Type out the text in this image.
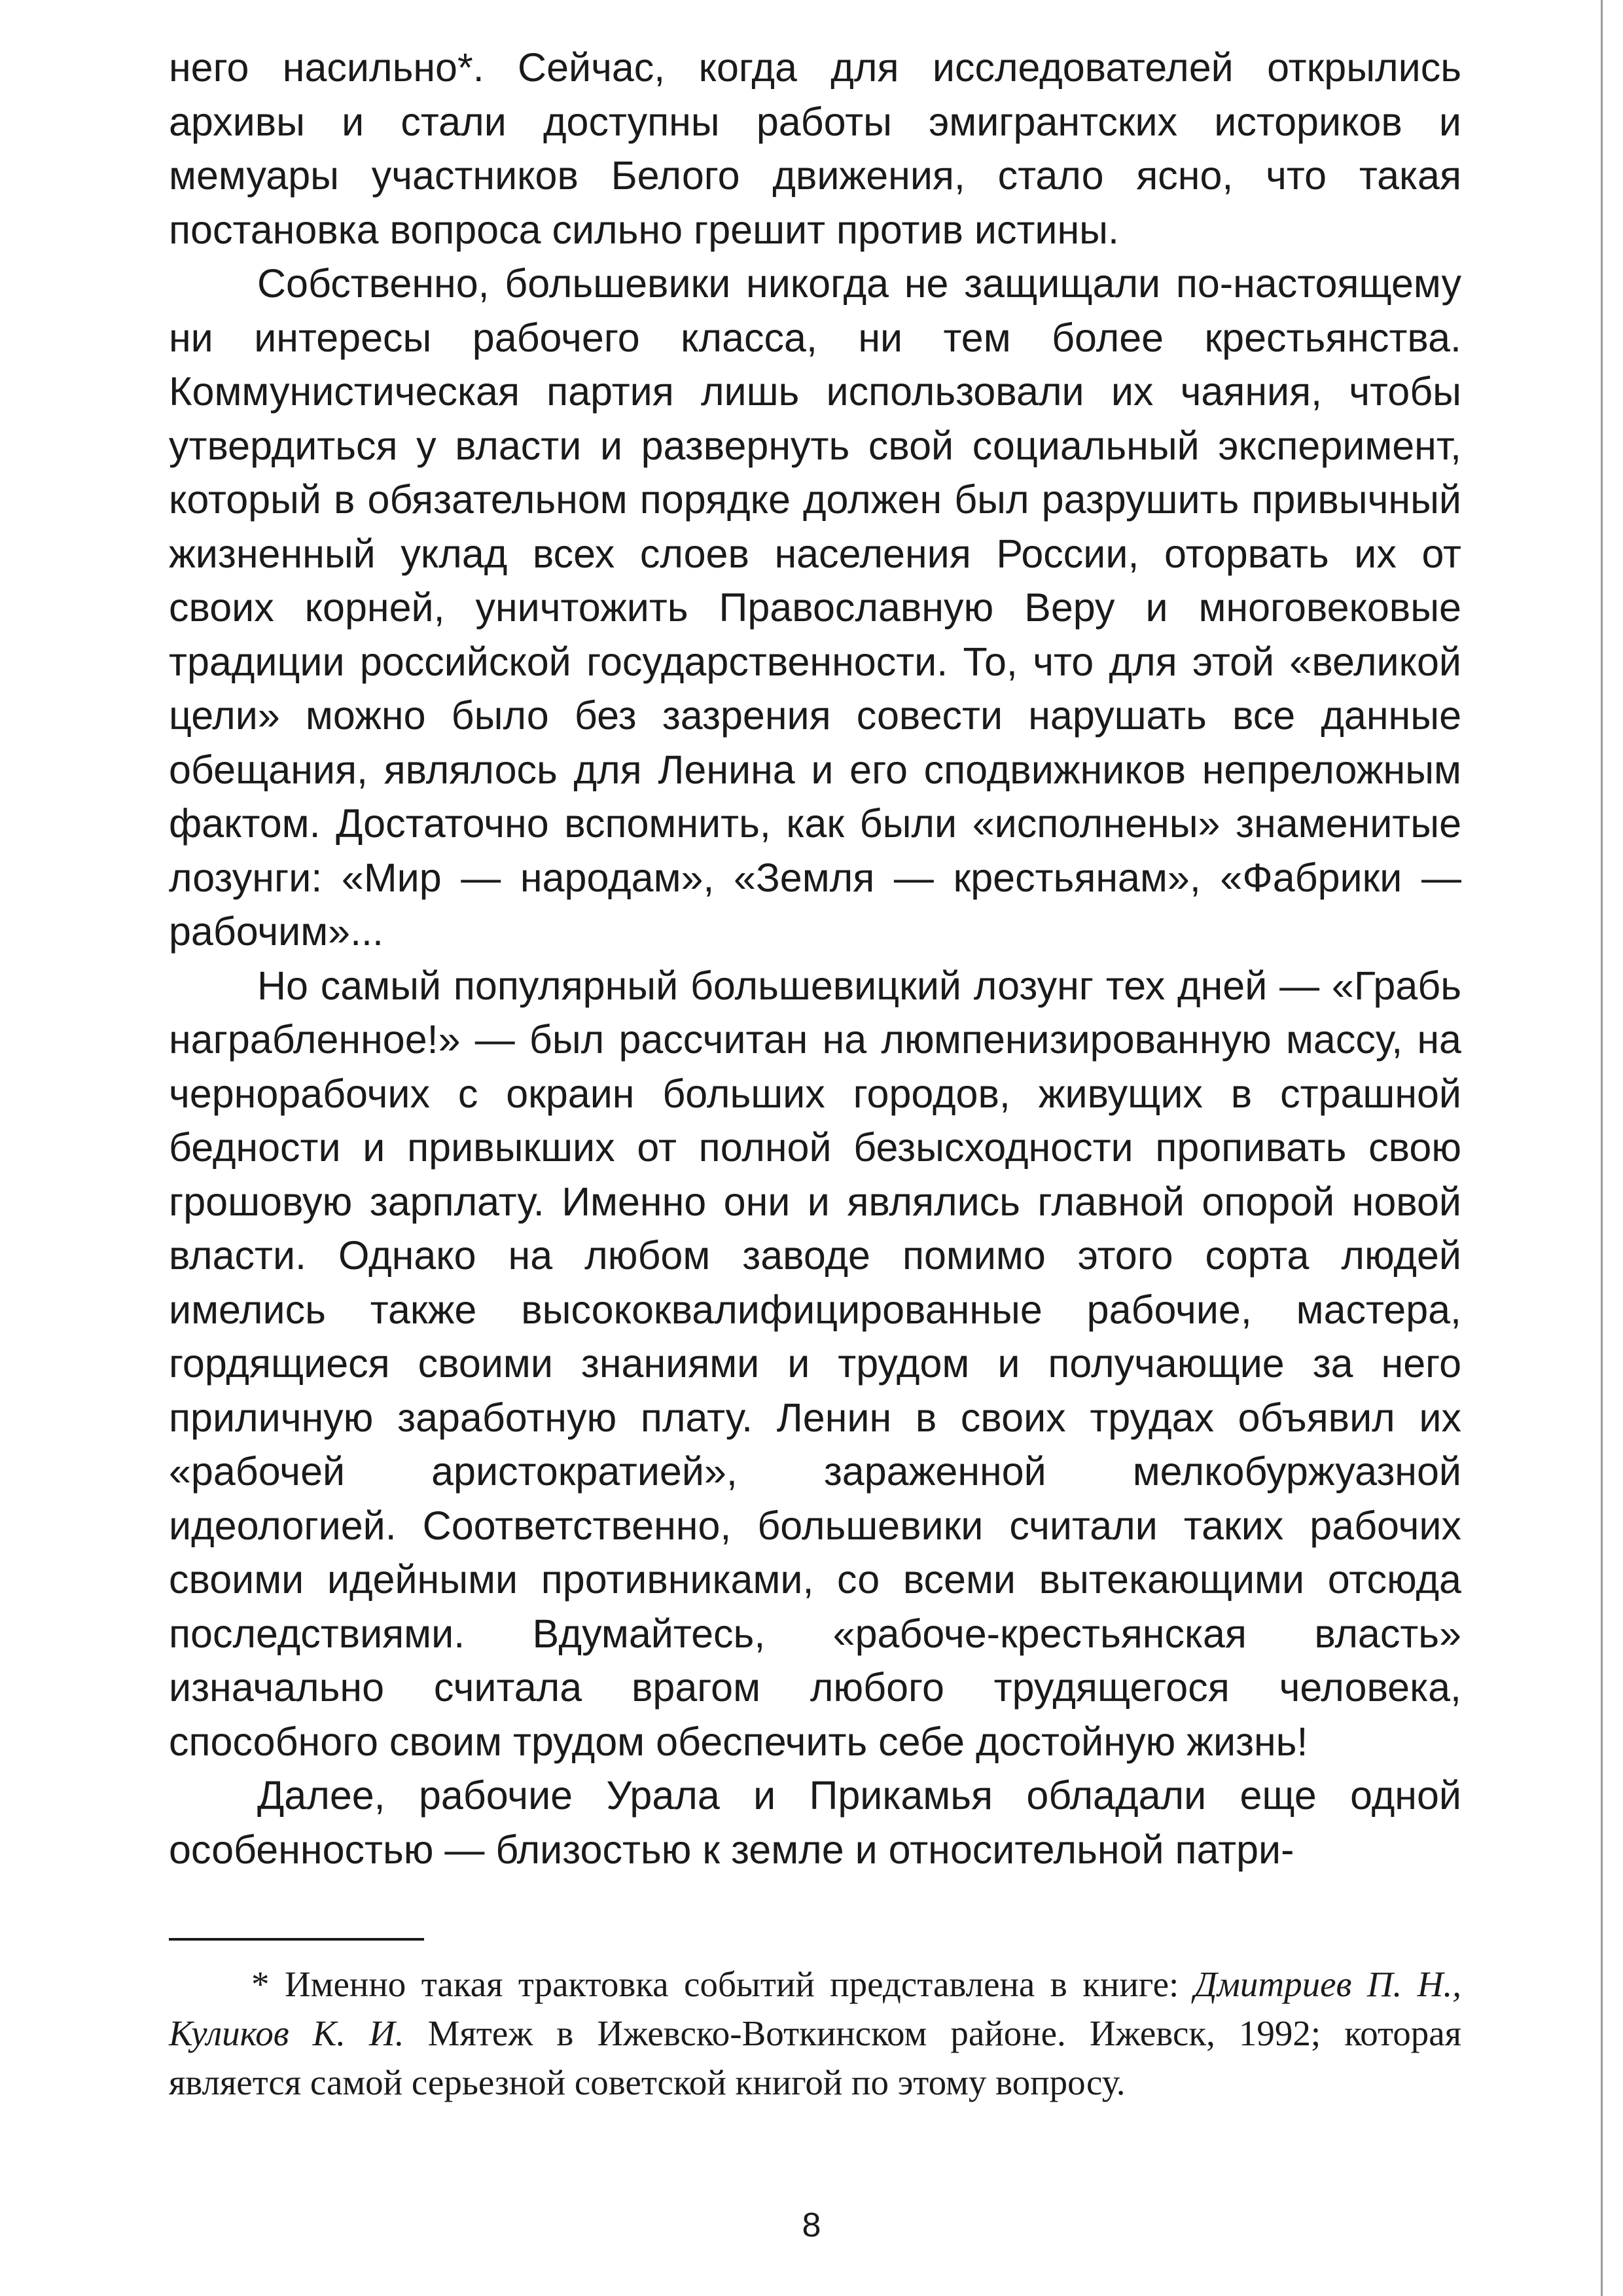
него насильно*. Сейчас, когда для исследователей открылись архивы и стали доступны работы эмигрантских историков и мемуары участников Белого движения, стало ясно, что такая постановка вопроса сильно грешит против истины.

Собственно, большевики никогда не защищали по-настоящему ни интересы рабочего класса, ни тем более крестьянства. Коммунистическая партия лишь использовали их чаяния, чтобы утвердиться у власти и развернуть свой социальный эксперимент, который в обязательном порядке должен был разрушить привычный жизненный уклад всех слоев населения России, оторвать их от своих корней, уничтожить Православную Веру и многовековые традиции российской государственности. То, что для этой «великой цели» можно было без зазрения совести нарушать все данные обещания, являлось для Ленина и его сподвижников непреложным фактом. Достаточно вспомнить, как были «исполнены» знаменитые лозунги: «Мир — народам», «Земля — крестьянам», «Фабрики — рабочим»...

Но самый популярный большевицкий лозунг тех дней — «Грабь награбленное!» — был рассчитан на люмпенизированную массу, на чернорабочих с окраин больших городов, живущих в страшной бедности и привыкших от полной безысходности пропивать свою грошовую зарплату. Именно они и являлись главной опорой новой власти. Однако на любом заводе помимо этого сорта людей имелись также высококвалифицированные рабочие, мастера, гордящиеся своими знаниями и трудом и получающие за него приличную заработную плату. Ленин в своих трудах объявил их «рабочей аристократией», зараженной мелкобуржуазной идеологией. Соответственно, большевики считали таких рабочих своими идейными противниками, со всеми вытекающими отсюда последствиями. Вдумайтесь, «рабоче-крестьянская власть» изначально считала врагом любого трудящегося человека, способного своим трудом обеспечить себе достойную жизнь!

Далее, рабочие Урала и Прикамья обладали еще одной особенностью — близостью к земле и относительной патри-

* Именно такая трактовка событий представлена в книге: Дмитриев П. Н., Куликов К. И. Мятеж в Ижевско-Воткинском районе. Ижевск, 1992; которая является самой серьезной советской книгой по этому вопросу.
8
